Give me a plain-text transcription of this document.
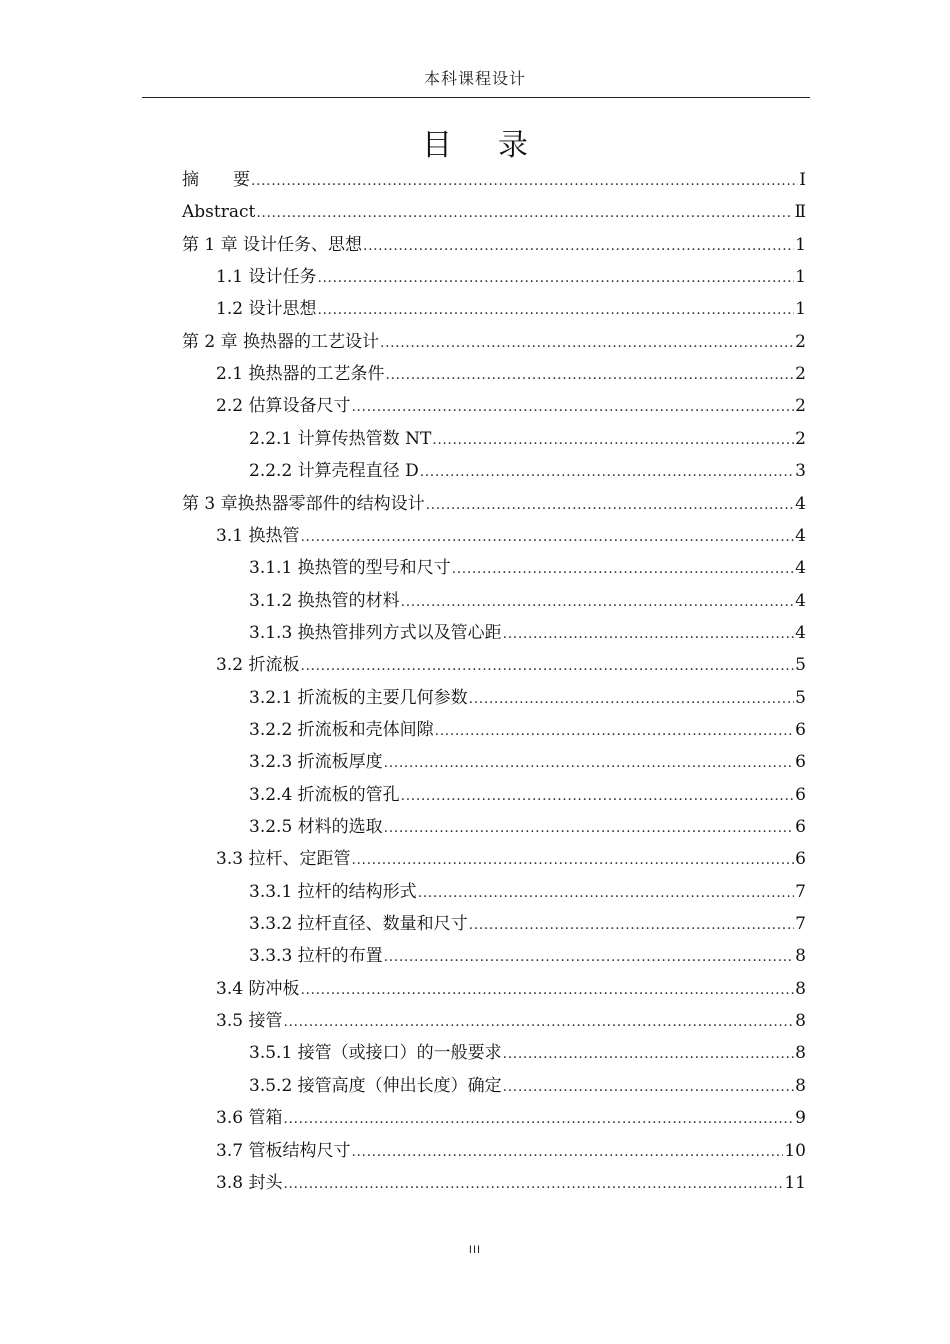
本科课程设计
目录
摘　　要 .....	Ⅰ
Abstract .....	Ⅱ
第 1 章 设计任务、思想 .....	1
1.1 设计任务 .....	1
1.2 设计思想 .....	1
第 2 章 换热器的工艺设计 .....	2
2.1 换热器的工艺条件 .....	2
2.2 估算设备尺寸 .....	2
2.2.1 计算传热管数 NT .....	2
2.2.2 计算壳程直径 D .....	3
第 3 章换热器零部件的结构设计 .....	4
3.1 换热管 .....	4
3.1.1 换热管的型号和尺寸 .....	4
3.1.2 换热管的材料 .....	4
3.1.3 换热管排列方式以及管心距 .....	4
3.2 折流板 .....	5
3.2.1 折流板的主要几何参数 .....	5
3.2.2 折流板和壳体间隙 .....	6
3.2.3 折流板厚度 .....	6
3.2.4 折流板的管孔 .....	6
3.2.5 材料的选取 .....	6
3.3 拉杆、定距管 .....	6
3.3.1 拉杆的结构形式 .....	7
3.3.2 拉杆直径、数量和尺寸 .....	7
3.3.3 拉杆的布置 .....	8
3.4 防冲板 .....	8
3.5 接管 .....	8
3.5.1 接管（或接口）的一般要求 .....	8
3.5.2 接管高度（伸出长度）确定 .....	8
3.6 管箱 .....	9
3.7 管板结构尺寸 .....	10
3.8 封头 .....	11
III
